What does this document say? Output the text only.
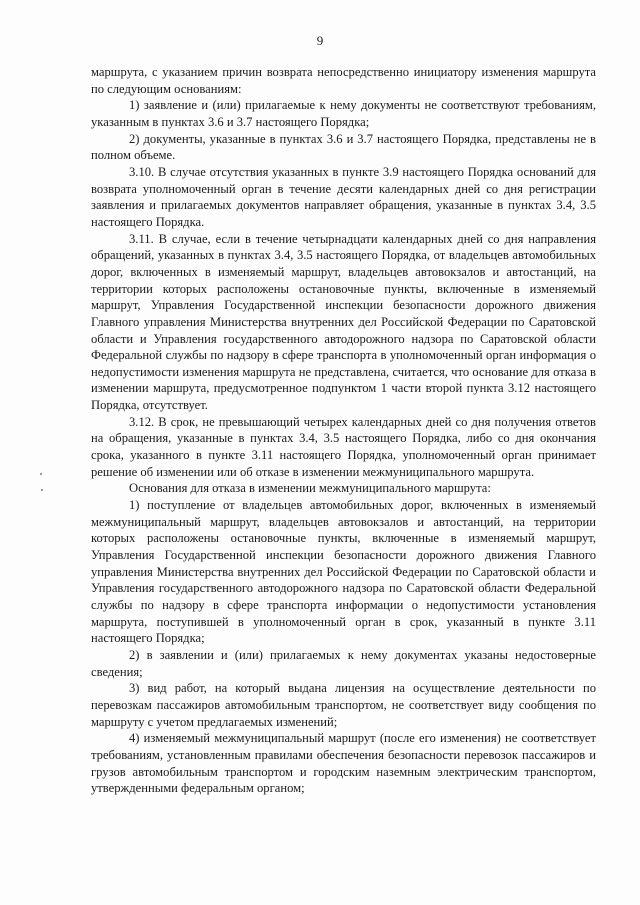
9

маршрута, с указанием причин возврата непосредственно инициатору изменения маршрута по следующим основаниям:

1) заявление и (или) прилагаемые к нему документы не соответствуют требованиям, указанным в пунктах 3.6 и 3.7 настоящего Порядка;

2) документы, указанные в пунктах 3.6 и 3.7 настоящего Порядка, представлены не в полном объеме.

3.10. В случае отсутствия указанных в пункте 3.9 настоящего Порядка оснований для возврата уполномоченный орган в течение десяти календарных дней со дня регистрации заявления и прилагаемых документов направляет обращения, указанные в пунктах 3.4, 3.5 настоящего Порядка.

3.11. В случае, если в течение четырнадцати календарных дней со дня направления обращений, указанных в пунктах 3.4, 3.5 настоящего Порядка, от владельцев автомобильных дорог, включенных в изменяемый маршрут, владельцев автовокзалов и автостанций, на территории которых расположены остановочные пункты, включенные в изменяемый маршрут, Управления Государственной инспекции безопасности дорожного движения Главного управления Министерства внутренних дел Российской Федерации по Саратовской области и Управления государственного автодорожного надзора по Саратовской области Федеральной службы по надзору в сфере транспорта в уполномоченный орган информация о недопустимости изменения маршрута не представлена, считается, что основание для отказа в изменении маршрута, предусмотренное подпунктом 1 части второй пункта 3.12 настоящего Порядка, отсутствует.

3.12. В срок, не превышающий четырех календарных дней со дня получения ответов на обращения, указанные в пунктах 3.4, 3.5 настоящего Порядка, либо со дня окончания срока, указанного в пункте 3.11 настоящего Порядка, уполномоченный орган принимает решение об изменении или об отказе в изменении межмуниципального маршрута.

Основания для отказа в изменении межмуниципального маршрута:

1) поступление от владельцев автомобильных дорог, включенных в изменяемый межмуниципальный маршрут, владельцев автовокзалов и автостанций, на территории которых расположены остановочные пункты, включенные в изменяемый маршрут, Управления Государственной инспекции безопасности дорожного движения Главного управления Министерства внутренних дел Российской Федерации по Саратовской области и Управления государственного автодорожного надзора по Саратовской области Федеральной службы по надзору в сфере транспорта информации о недопустимости установления маршрута, поступившей в уполномоченный орган в срок, указанный в пункте 3.11 настоящего Порядка;

2) в заявлении и (или) прилагаемых к нему документах указаны недостоверные сведения;

3) вид работ, на который выдана лицензия на осуществление деятельности по перевозкам пассажиров автомобильным транспортом, не соответствует виду сообщения по маршруту с учетом предлагаемых изменений;

4) изменяемый межмуниципальный маршрут (после его изменения) не соответствует требованиям, установленным правилами обеспечения безопасности перевозок пассажиров и грузов автомобильным транспортом и городским наземным электрическим транспортом, утвержденными федеральным органом;
